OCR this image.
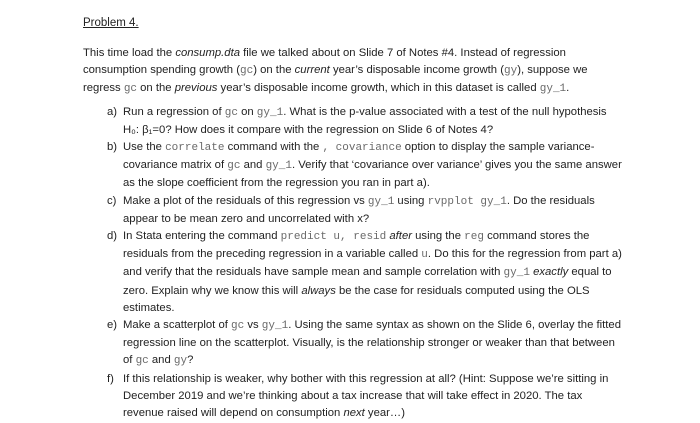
Problem 4.

This time load the consump.dta file we talked about on Slide 7 of Notes #4. Instead of regression consumption spending growth (gc) on the current year’s disposable income growth (gy), suppose we regress gc on the previous year’s disposable income growth, which in this dataset is called gy_1.

a) Run a regression of gc on gy_1. What is the p-value associated with a test of the null hypothesis H₀: β₁=0? How does it compare with the regression on Slide 6 of Notes 4?
b) Use the correlate command with the , covariance option to display the sample variance-covariance matrix of gc and gy_1. Verify that ‘covariance over variance’ gives you the same answer as the slope coefficient from the regression you ran in part a).
c) Make a plot of the residuals of this regression vs gy_1 using rvpplot gy_1. Do the residuals appear to be mean zero and uncorrelated with x?
d) In Stata entering the command predict u, resid after using the reg command stores the residuals from the preceding regression in a variable called u. Do this for the regression from part a) and verify that the residuals have sample mean and sample correlation with gy_1 exactly equal to zero. Explain why we know this will always be the case for residuals computed using the OLS estimates.
e) Make a scatterplot of gc vs gy_1. Using the same syntax as shown on the Slide 6, overlay the fitted regression line on the scatterplot. Visually, is the relationship stronger or weaker than that between of gc and gy?
f) If this relationship is weaker, why bother with this regression at all? (Hint: Suppose we’re sitting in December 2019 and we’re thinking about a tax increase that will take effect in 2020. The tax revenue raised will depend on consumption next year…)
